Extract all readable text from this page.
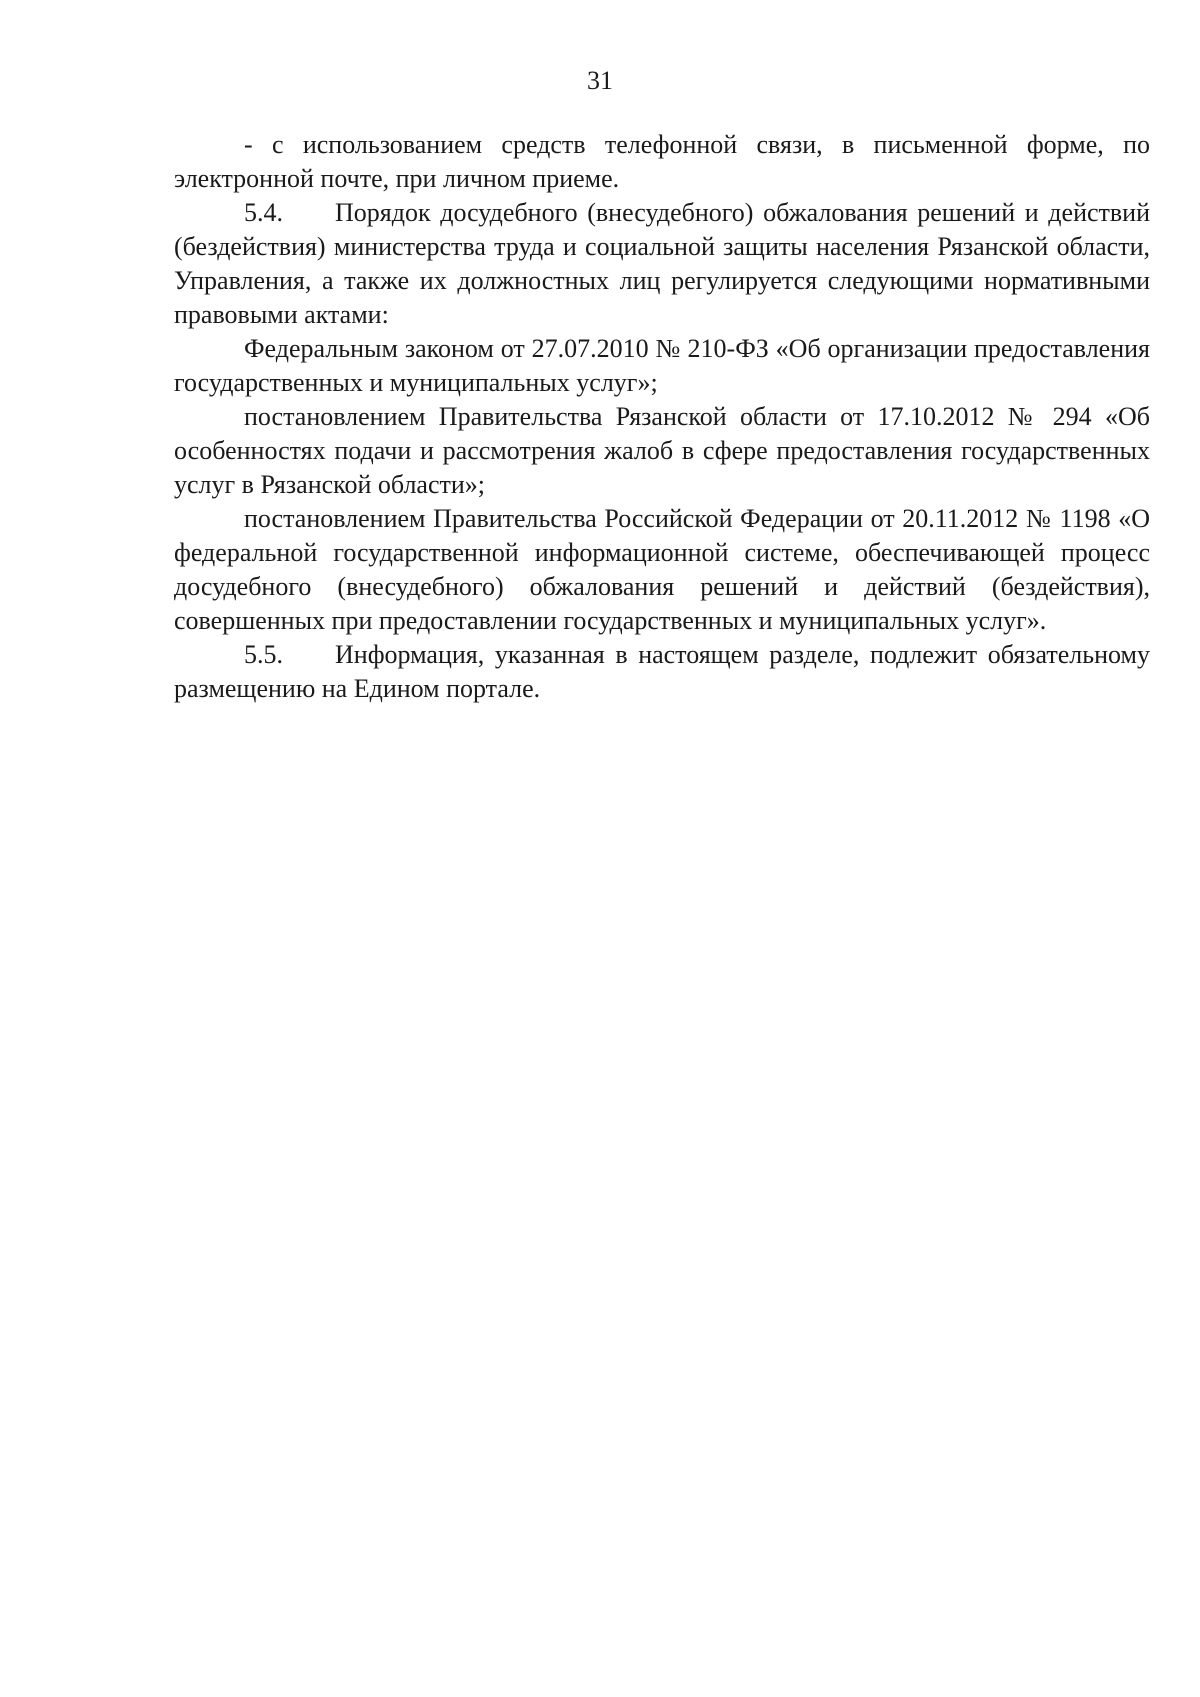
31

- с использованием средств телефонной связи, в письменной форме, по электронной почте, при личном приеме.

5.4.  Порядок досудебного (внесудебного) обжалования решений и действий (бездействия) министерства труда и социальной защиты населения Рязанской области, Управления, а также их должностных лиц регулируется следующими нормативными правовыми актами:

Федеральным законом от 27.07.2010 № 210-ФЗ «Об организации предоставления государственных и муниципальных услуг»;

постановлением Правительства Рязанской области от 17.10.2012 № 294 «Об особенностях подачи и рассмотрения жалоб в сфере предоставления государственных услуг в Рязанской области»;

постановлением Правительства Российской Федерации от 20.11.2012 № 1198 «О федеральной государственной информационной системе, обеспечивающей процесс досудебного (внесудебного) обжалования решений и действий (бездействия), совершенных при предоставлении государственных и муниципальных услуг».

5.5.  Информация, указанная в настоящем разделе, подлежит обязательному размещению на Едином портале.
